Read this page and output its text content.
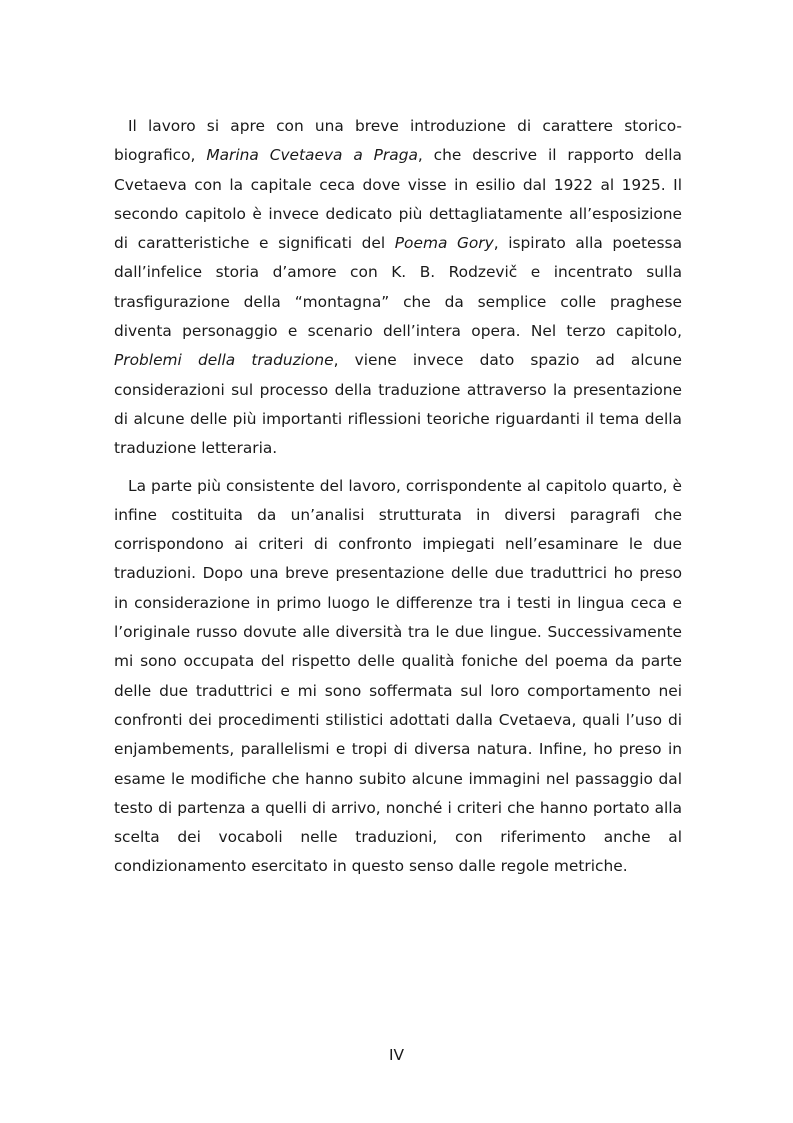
Il lavoro si apre con una breve introduzione di carattere storico-biografico, Marina Cvetaeva a Praga, che descrive il rapporto della Cvetaeva con la capitale ceca dove visse in esilio dal 1922 al 1925. Il secondo capitolo è invece dedicato più dettagliatamente all’esposizione di caratteristiche e significati del Poema Gory, ispirato alla poetessa dall’infelice storia d’amore con K. B. Rodzevič e incentrato sulla trasfigurazione della “montagna” che da semplice colle praghese diventa personaggio e scenario dell’intera opera. Nel terzo capitolo, Problemi della traduzione, viene invece dato spazio ad alcune considerazioni sul processo della traduzione attraverso la presentazione di alcune delle più importanti riflessioni teoriche riguardanti il tema della traduzione letteraria.

La parte più consistente del lavoro, corrispondente al capitolo quarto, è infine costituita da un’analisi strutturata in diversi paragrafi che corrispondono ai criteri di confronto impiegati nell’esaminare le due traduzioni. Dopo una breve presentazione delle due traduttrici ho preso in considerazione in primo luogo le differenze tra i testi in lingua ceca e l’originale russo dovute alle diversità tra le due lingue. Successivamente mi sono occupata del rispetto delle qualità foniche del poema da parte delle due traduttrici e mi sono soffermata sul loro comportamento nei confronti dei procedimenti stilistici adottati dalla Cvetaeva, quali l’uso di enjambements, parallelismi e tropi di diversa natura. Infine, ho preso in esame le modifiche che hanno subito alcune immagini nel passaggio dal testo di partenza a quelli di arrivo, nonché i criteri che hanno portato alla scelta dei vocaboli nelle traduzioni, con riferimento anche al condizionamento esercitato in questo senso dalle regole metriche.

IV
